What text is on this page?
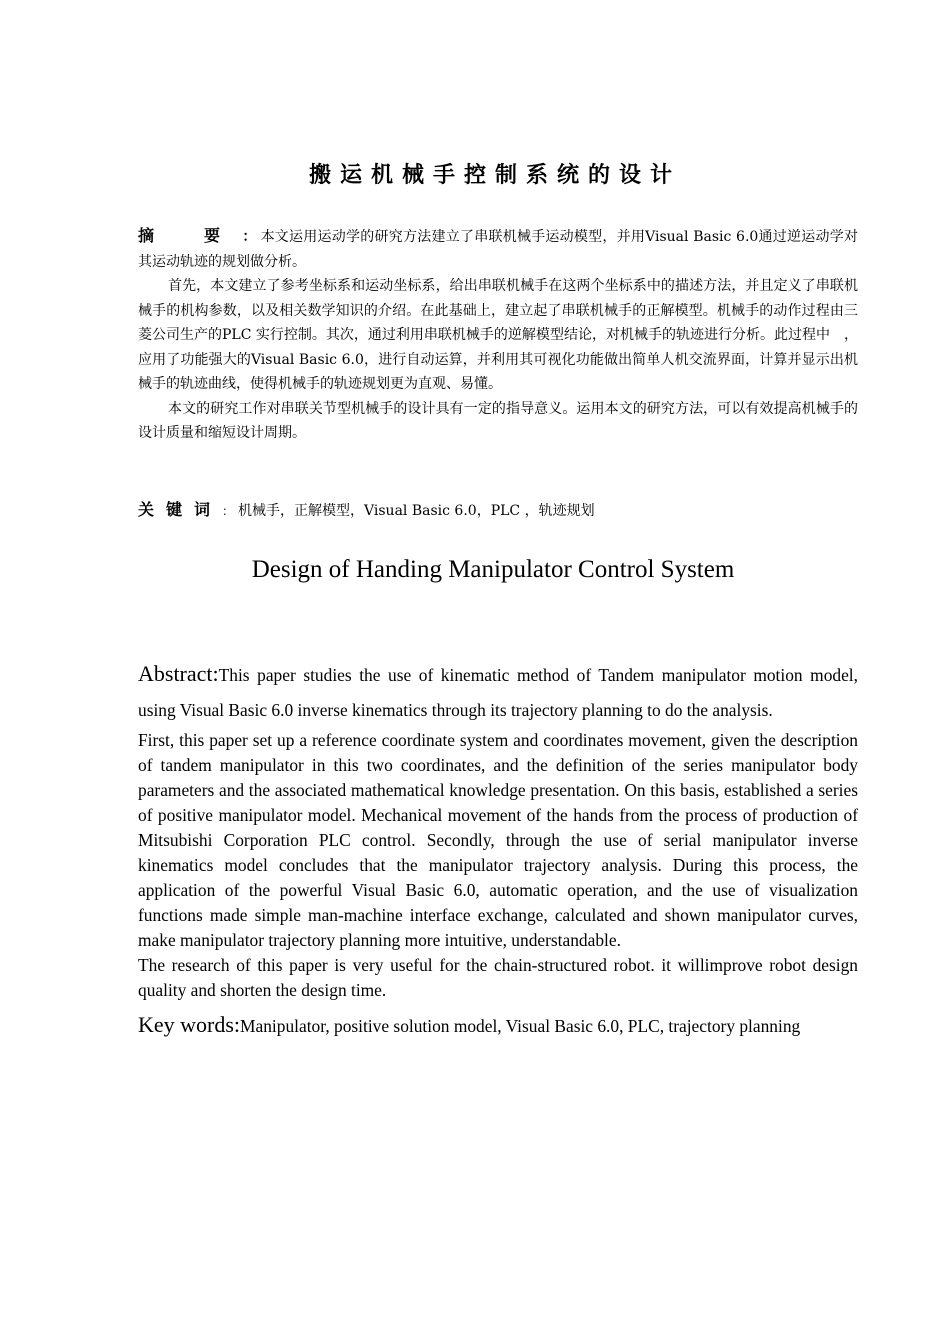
搬运机械手控制系统的设计

摘 要： 本文运用运动学的研究方法建立了串联机械手运动模型，并用Visual Basic 6.0通过逆运动学对其运动轨迹的规划做分析。

首先，本文建立了参考坐标系和运动坐标系，给出串联机械手在这两个坐标系中的描述方法，并且定义了串联机械手的机构参数，以及相关数学知识的介绍。在此基础上，建立起了串联机械手的正解模型。机械手的动作过程由三菱公司生产的PLC 实行控制。其次，通过利用串联机械手的逆解模型结论，对机械手的轨迹进行分析。此过程中　，应用了功能强大的Visual Basic 6.0，进行自动运算，并利用其可视化功能做出简单人机交流界面，计算并显示出机械手的轨迹曲线，使得机械手的轨迹规划更为直观、易懂。

本文的研究工作对串联关节型机械手的设计具有一定的指导意义。运用本文的研究方法，可以有效提高机械手的设计质量和缩短设计周期。

关键词： 机械手，正解模型，Visual Basic 6.0，PLC ，轨迹规划
Design of Handing Manipulator Control System

Abstract:This paper studies the use of kinematic method of Tandem manipulator motion model, using Visual Basic 6.0 inverse kinematics through its trajectory planning to do the analysis.

First, this paper set up a reference coordinate system and coordinates movement, given the description of tandem manipulator in this two coordinates, and the definition of the series manipulator body parameters and the associated mathematical knowledge presentation. On this basis, established a series of positive manipulator model. Mechanical movement of the hands from the process of production of Mitsubishi Corporation PLC control. Secondly, through the use of serial manipulator inverse kinematics model concludes that the manipulator trajectory analysis. During this process, the application of the powerful Visual Basic 6.0, automatic operation, and the use of visualization functions made simple man-machine interface exchange, calculated and shown manipulator curves, make manipulator trajectory planning more intuitive, understandable.

The research of this paper is very useful for the chain-structured robot. it willimprove robot design quality and shorten the design time.

Key words:Manipulator, positive solution model, Visual Basic 6.0, PLC, trajectory planning
